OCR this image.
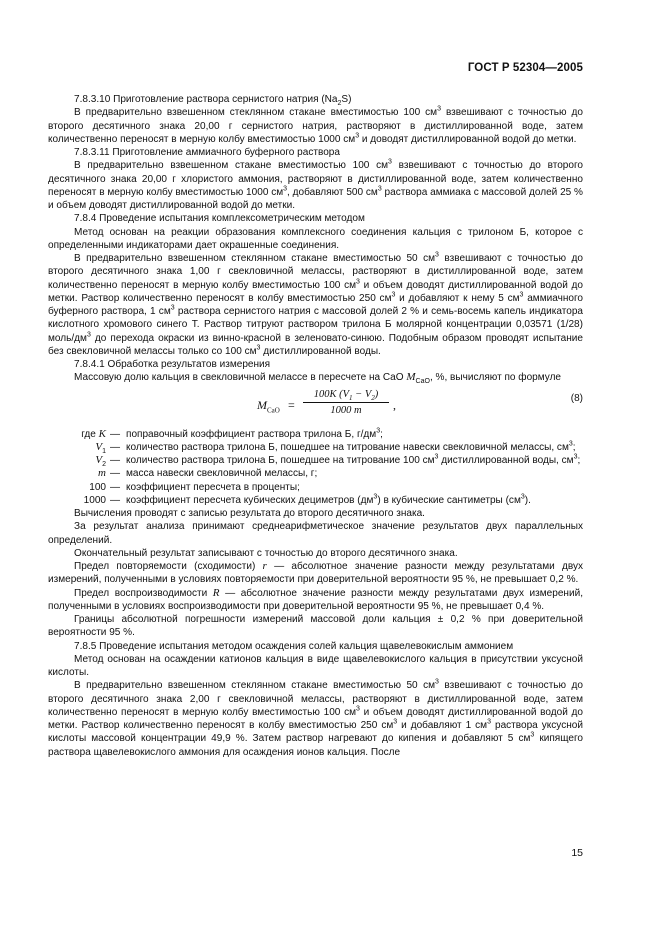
ГОСТ Р 52304—2005

7.8.3.10 Приготовление раствора сернистого натрия $(Na_2S)$

В предварительно взвешенном стеклянном стакане вместимостью 100 $см^3$ взвешивают с точностью до второго десятичного знака 20,00 г сернистого натрия, растворяют в дистиллированной воде, затем количественно переносят в мерную колбу вместимостью 1000 $см^3$ и доводят дистиллированной водой до метки.

7.8.3.11 Приготовление аммиачного буферного раствора

В предварительно взвешенном стакане вместимостью 100 $см^3$ взвешивают с точностью до второго десятичного знака 20,00 г хлористого аммония, растворяют в дистиллированной воде, затем количественно переносят в мерную колбу вместимостью 1000 $см^3$, добавляют 500 $см^3$ раствора аммиака с массовой долей 25 % и объем доводят дистиллированной водой до метки.

7.8.4 Проведение испытания комплексометрическим методом

Метод основан на реакции образования комплексного соединения кальция с трилоном Б, которое с определенными индикаторами дает окрашенные соединения.

В предварительно взвешенном стеклянном стакане вместимостью 50 $см^3$ взвешивают с точностью до второго десятичного знака 1,00 г свекловичной мелассы, растворяют в дистиллированной воде, затем количественно переносят в мерную колбу вместимостью 100 $см^3$ и объем доводят дистиллированной водой до метки. Раствор количественно переносят в колбу вместимостью 250 $см^3$ и добавляют к нему 5 $см^3$ аммиачного буферного раствора, 1 $см^3$ раствора сернистого натрия с массовой долей 2 % и семь-восемь капель индикатора кислотного хромового синего Т. Раствор титруют раствором трилона Б молярной концентрации 0,03571 (1/28) моль/$дм^3$ до перехода окраски из винно-красной в зеленовато-синюю. Подобным образом проводят испытание без свекловичной мелассы только со 100 $см^3$ дистиллированной воды.

7.8.4.1 Обработка результатов измерения

Массовую долю кальция в свекловичной мелассе в пересчете на CaO $M_{CaO}$, %, вычисляют по формуле

$M_{CaO} = \frac{100K (V_1 - V_2)}{1000 m}$ ,	(8)
где K — поправочный коэффициент раствора трилона Б, $г/дм^3$;
$V_1$ — количество раствора трилона Б, пошедшее на титрование навески свекловичной мелассы, $см^3$;
$V_2$ — количество раствора трилона Б, пошедшее на титрование 100 $см^3$ дистиллированной воды, $см^3$;
m — масса навески свекловичной мелассы, г;
100 — коэффициент пересчета в проценты;
1000 — коэффициент пересчета кубических дециметров $(дм^3)$ в кубические сантиметры $(см^3)$.

Вычисления проводят с записью результата до второго десятичного знака.

За результат анализа принимают среднеарифметическое значение результатов двух параллельных определений.

Окончательный результат записывают с точностью до второго десятичного знака.

Предел повторяемости (сходимости) r — абсолютное значение разности между результатами двух измерений, полученными в условиях повторяемости при доверительной вероятности 95 %, не превышает 0,2 %.

Предел воспроизводимости R — абсолютное значение разности между результатами двух измерений, полученными в условиях воспроизводимости при доверительной вероятности 95 %, не превышает 0,4 %.

Границы абсолютной погрешности измерений массовой доли кальция ± 0,2 % при доверительной вероятности 95 %.

7.8.5 Проведение испытания методом осаждения солей кальция щавелевокислым аммонием

Метод основан на осаждении катионов кальция в виде щавелевокислого кальция в присутствии уксусной кислоты.

В предварительно взвешенном стеклянном стакане вместимостью 50 $см^3$ взвешивают с точностью до второго десятичного знака 2,00 г свекловичной мелассы, растворяют в дистиллированной воде, затем количественно переносят в мерную колбу вместимостью 100 $см^3$ и объем доводят дистиллированной водой до метки. Раствор количественно переносят в колбу вместимостью 250 $см^3$ и добавляют 1 $см^3$ раствора уксусной кислоты массовой концентрации 49,9 %. Затем раствор нагревают до кипения и добавляют 5 $см^3$ кипящего раствора щавелевокислого аммония для осаждения ионов кальция. После

15
